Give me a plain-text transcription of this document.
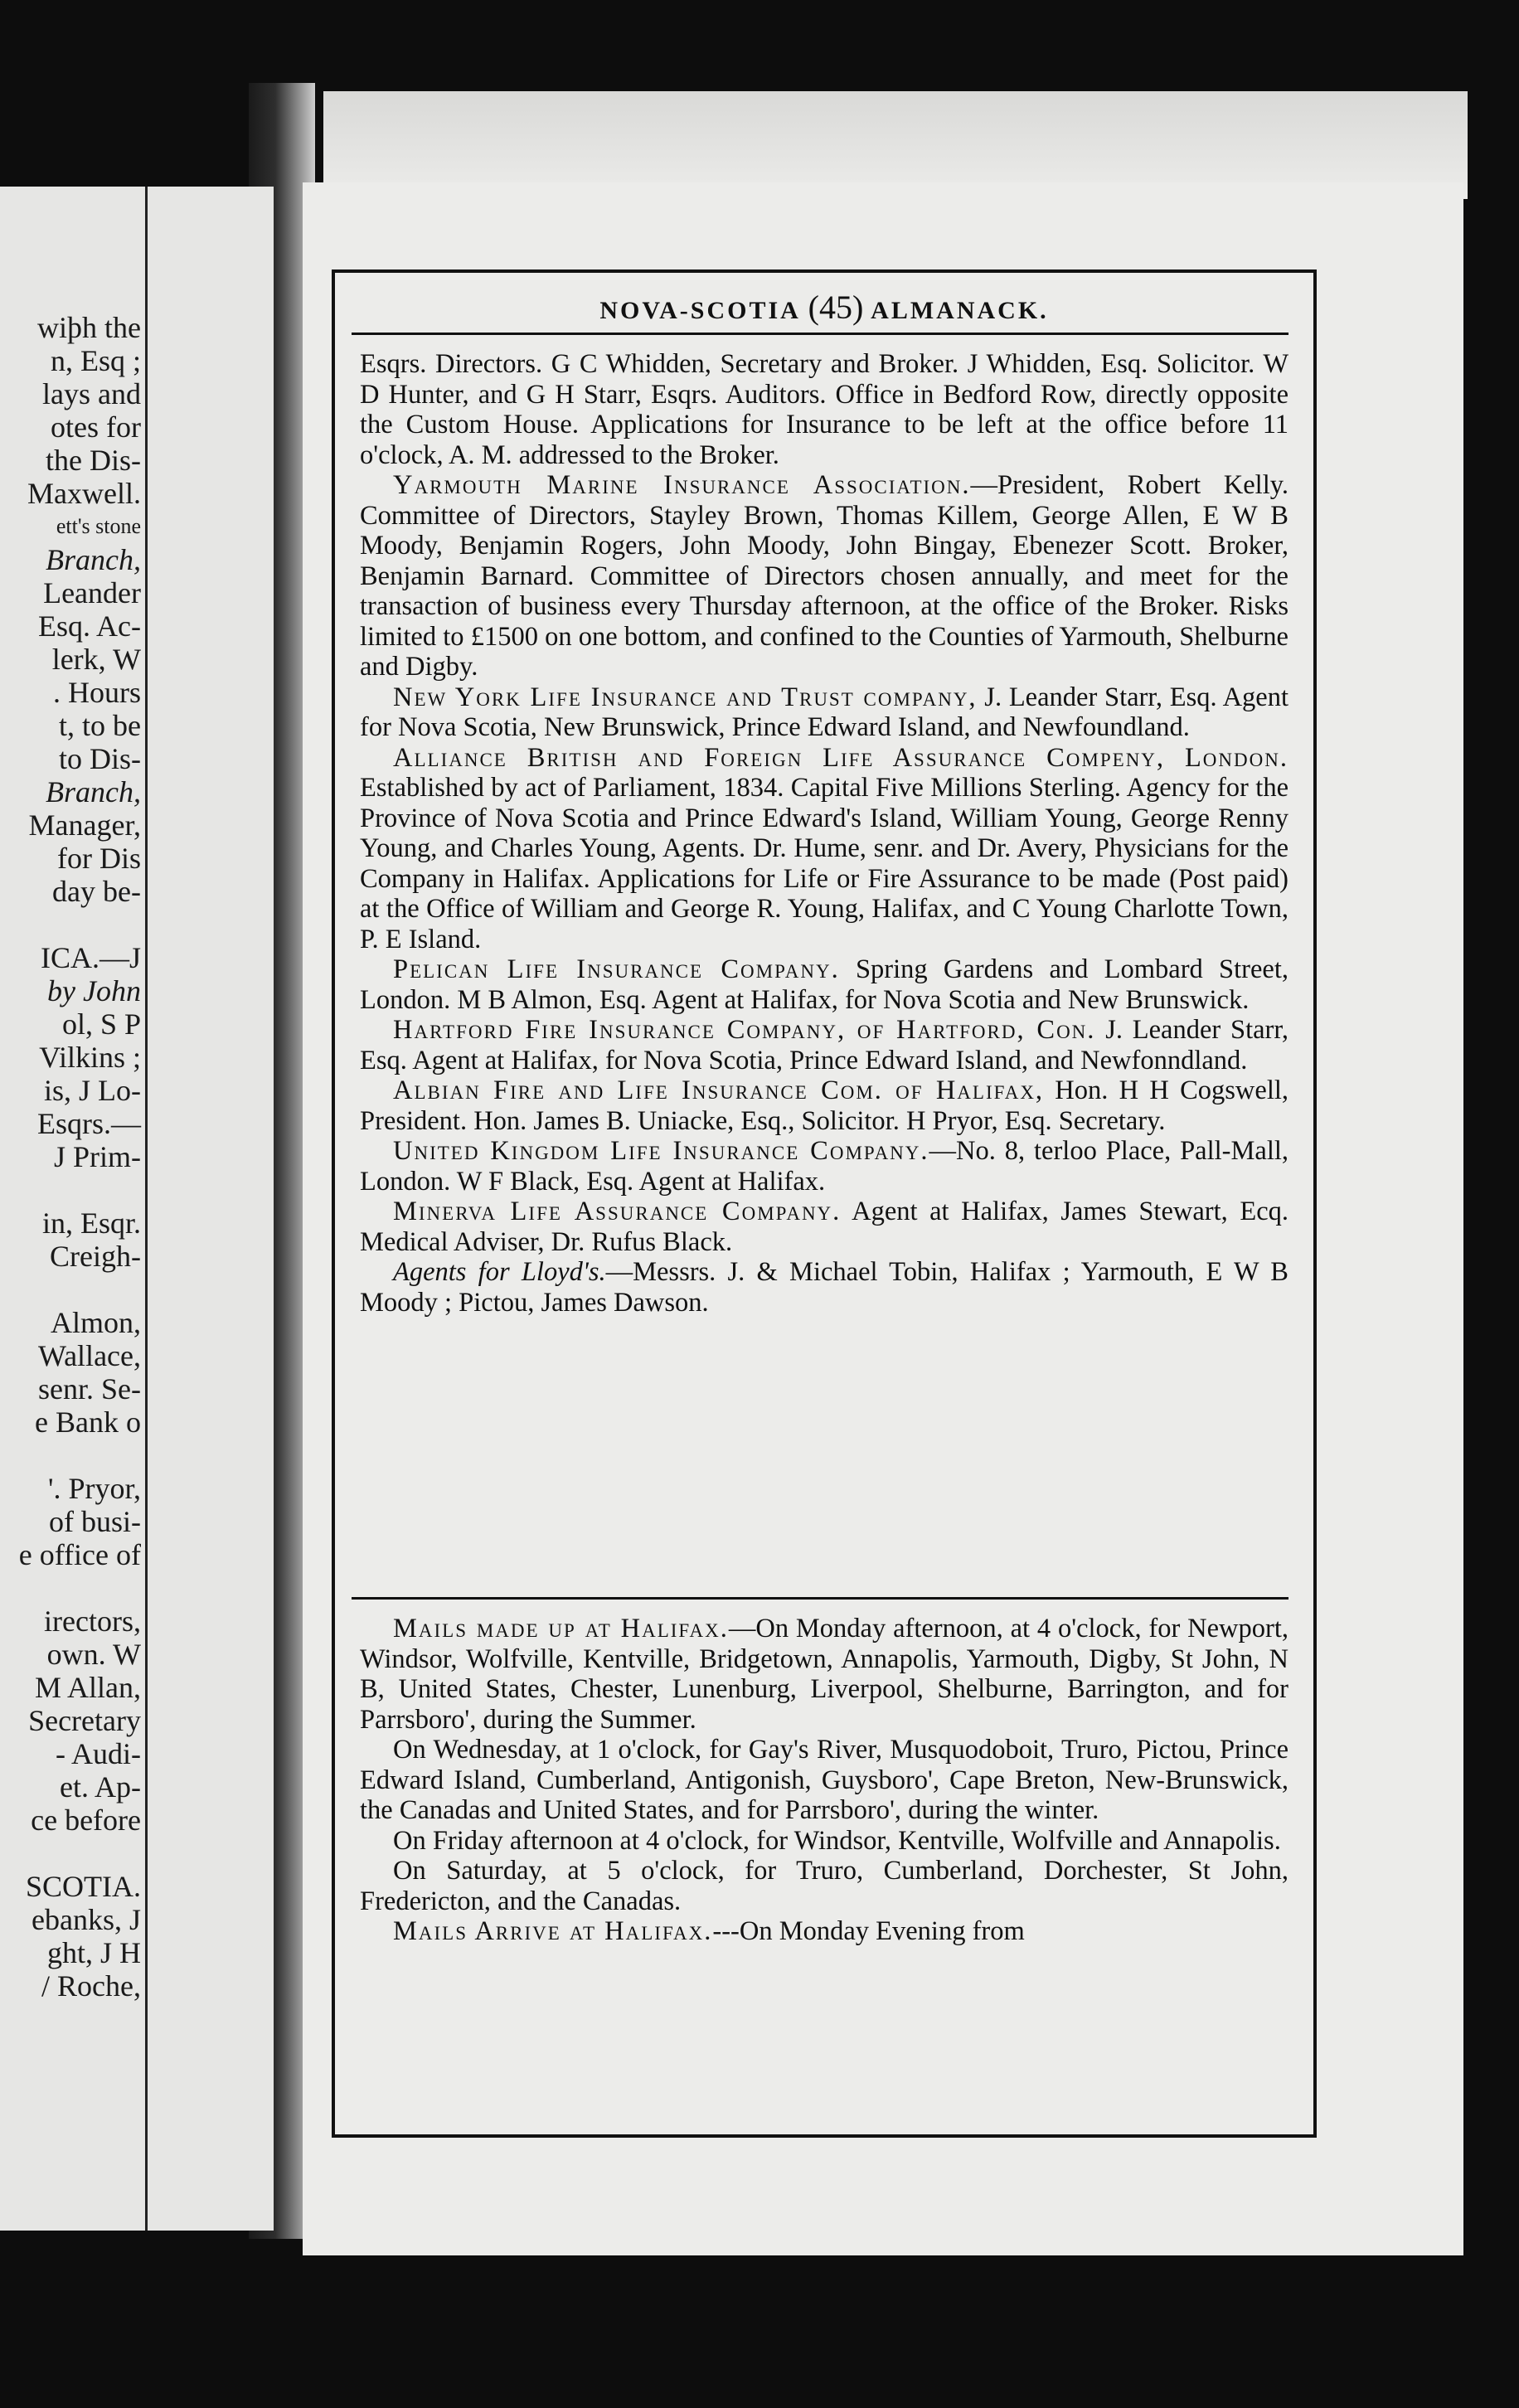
wiþh the
n, Esq ;
lays and
otes for
the Dis-
Maxwell.
ett's stone
Branch,
Leander
Esq. Ac-
lerk, W
. Hours
t, to be
to Dis-
Branch,
Manager,
for Dis
day be-
ICA.—J
by John
ol, S P
Vilkins ;
is, J Lo-
Esqrs.—
J Prim-
in, Esqr.
Creigh-
Almon,
Wallace,
senr. Se-
e Bank o
'. Pryor,
of busi-
e office of
irectors,
own. W
M Allan,
Secretary
- Audi-
et. Ap-
ce before
SCOTIA.
ebanks, J
ght, J H
/ Roche,
NOVA-SCOTIA (45) ALMANACK.

Esqrs. Directors. G C Whidden, Secretary and Broker. J Whidden, Esq. Solicitor. W D Hunter, and G H Starr, Esqrs. Auditors. Office in Bedford Row, directly opposite the Custom House. Applications for Insurance to be left at the office before 11 o'clock, A. M. addressed to the Broker.

Yarmouth Marine Insurance Association.—President, Robert Kelly. Committee of Directors, Stayley Brown, Thomas Killem, George Allen, E W B Moody, Benjamin Rogers, John Moody, John Bingay, Ebenezer Scott. Broker, Benjamin Barnard. Committee of Directors chosen annually, and meet for the transaction of business every Thursday afternoon, at the office of the Broker. Risks limited to £1500 on one bottom, and confined to the Counties of Yarmouth, Shelburne and Digby.

New York Life Insurance and Trust company, J. Leander Starr, Esq. Agent for Nova Scotia, New Brunswick, Prince Edward Island, and Newfoundland.

Alliance British and Foreign Life Assurance Compeny, London. Established by act of Parliament, 1834. Capital Five Millions Sterling. Agency for the Province of Nova Scotia and Prince Edward's Island, William Young, George Renny Young, and Charles Young, Agents. Dr. Hume, senr. and Dr. Avery, Physicians for the Company in Halifax. Applications for Life or Fire Assurance to be made (Post paid) at the Office of William and George R. Young, Halifax, and C Young Charlotte Town, P. E Island.

Pelican Life Insurance Company. Spring Gardens and Lombard Street, London. M B Almon, Esq. Agent at Halifax, for Nova Scotia and New Brunswick.

Hartford Fire Insurance Company, of Hartford, Con. J. Leander Starr, Esq. Agent at Halifax, for Nova Scotia, Prince Edward Island, and Newfonndland.

Albian Fire and Life Insurance Com. of Halifax, Hon. H H Cogswell, President. Hon. James B. Uniacke, Esq., Solicitor. H Pryor, Esq. Secretary.

United Kingdom Life Insurance Company.—No. 8, terloo Place, Pall-Mall, London. W F Black, Esq. Agent at Halifax.

Minerva Life Assurance Company. Agent at Halifax, James Stewart, Ecq. Medical Adviser, Dr. Rufus Black.

Agents for Lloyd's.—Messrs. J. & Michael Tobin, Halifax ; Yarmouth, E W B Moody ; Pictou, James Dawson.

Mails made up at Halifax.—On Monday afternoon, at 4 o'clock, for Newport, Windsor, Wolfville, Kentville, Bridgetown, Annapolis, Yarmouth, Digby, St John, N B, United States, Chester, Lunenburg, Liverpool, Shelburne, Barrington, and for Parrsboro', during the Summer.

On Wednesday, at 1 o'clock, for Gay's River, Musquodoboit, Truro, Pictou, Prince Edward Island, Cumberland, Antigonish, Guysboro', Cape Breton, New-Brunswick, the Canadas and United States, and for Parrsboro', during the winter.

On Friday afternoon at 4 o'clock, for Windsor, Kentville, Wolfville and Annapolis.

On Saturday, at 5 o'clock, for Truro, Cumberland, Dorchester, St John, Fredericton, and the Canadas.

Mails Arrive at Halifax.---On Monday Evening from
